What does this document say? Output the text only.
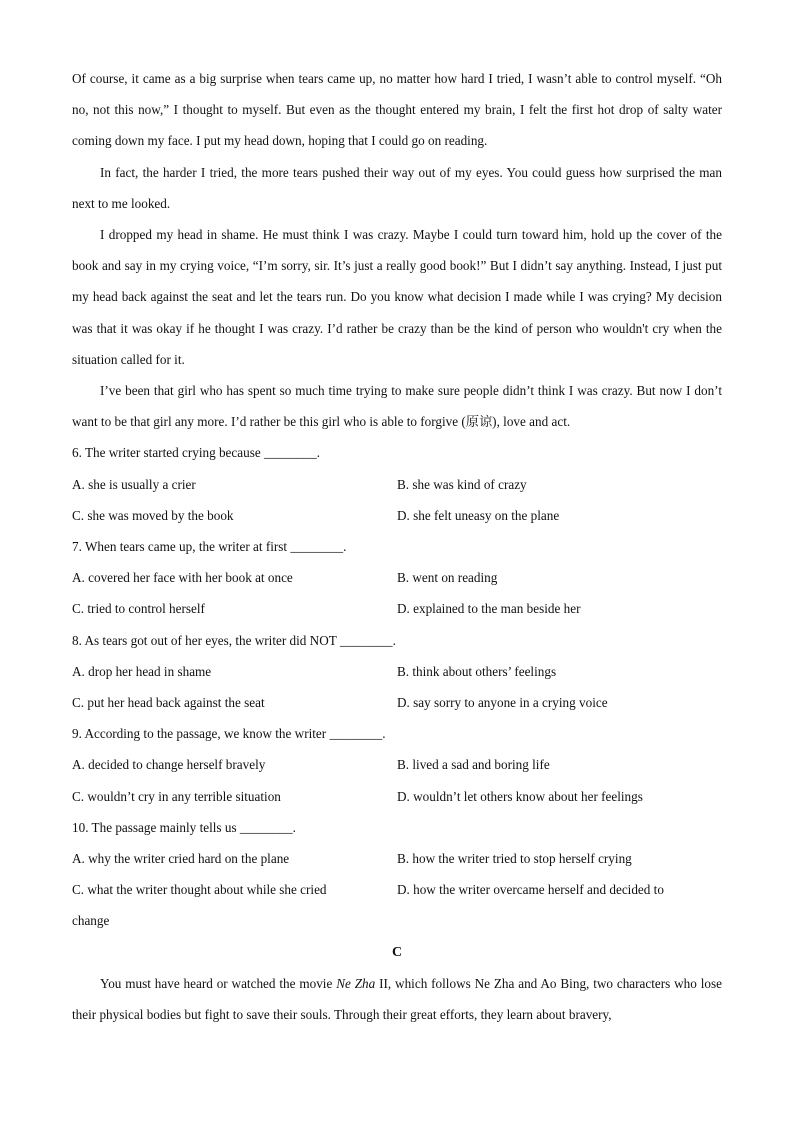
Of course, it came as a big surprise when tears came up, no matter how hard I tried, I wasn’t able to control myself. “Oh no, not this now,” I thought to myself. But even as the thought entered my brain, I felt the first hot drop of salty water coming down my face. I put my head down, hoping that I could go on reading.

In fact, the harder I tried, the more tears pushed their way out of my eyes. You could guess how surprised the man next to me looked.

I dropped my head in shame. He must think I was crazy. Maybe I could turn toward him, hold up the cover of the book and say in my crying voice, “I’m sorry, sir. It’s just a really good book!” But I didn’t say anything. Instead, I just put my head back against the seat and let the tears run. Do you know what decision I made while I was crying? My decision was that it was okay if he thought I was crazy. I’d rather be crazy than be the kind of person who wouldn't cry when the situation called for it.

I’ve been that girl who has spent so much time trying to make sure people didn’t think I was crazy. But now I don’t want to be that girl any more. I’d rather be this girl who is able to forgive (原谅), love and act.

6. The writer started crying because ________.

A. she is usually a crier	B. she was kind of crazy
C. she was moved by the book	D. she felt uneasy on the plane

7. When tears came up, the writer at first ________.

A. covered her face with her book at once	B. went on reading
C. tried to control herself	D. explained to the man beside her

8. As tears got out of her eyes, the writer did NOT ________.

A. drop her head in shame	B. think about others’ feelings
C. put her head back against the seat	D. say sorry to anyone in a crying voice

9. According to the passage, we know the writer ________.

A. decided to change herself bravely	B. lived a sad and boring life
C. wouldn’t cry in any terrible situation	D. wouldn’t let others know about her feelings

10. The passage mainly tells us ________.

A. why the writer cried hard on the plane	B. how the writer tried to stop herself crying
C. what the writer thought about while she cried	D. how the writer overcame herself and decided to
change

C

You must have heard or watched the movie Ne Zha II, which follows Ne Zha and Ao Bing, two characters who lose their physical bodies but fight to save their souls. Through their great efforts, they learn about bravery,
